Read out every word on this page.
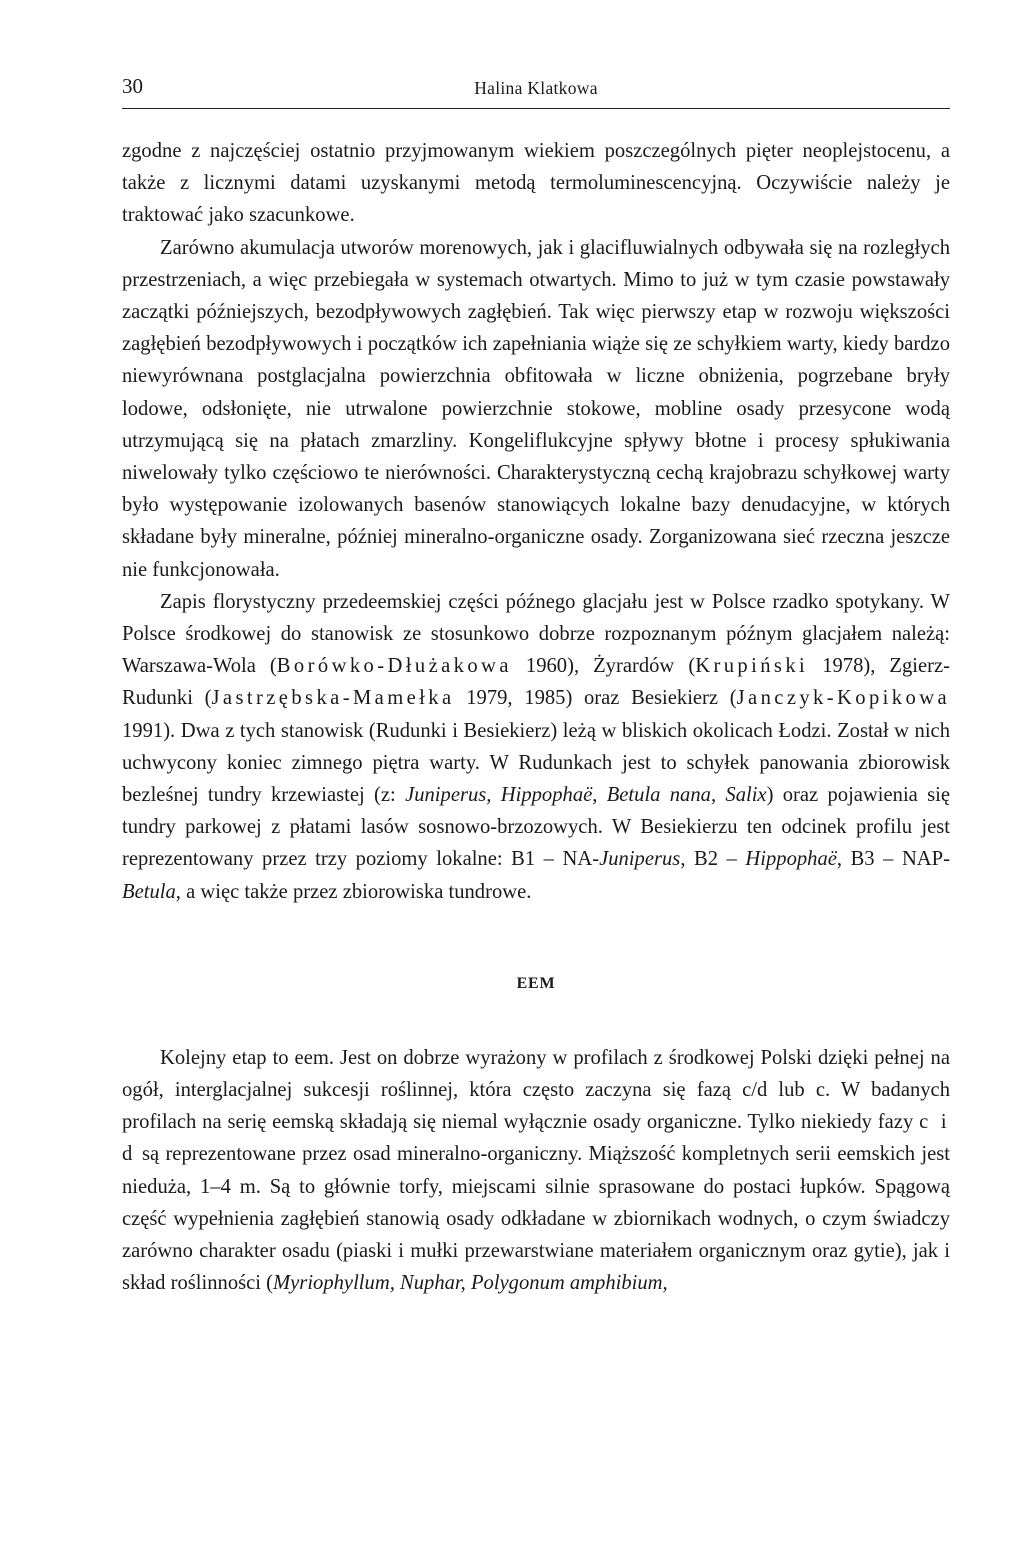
30	Halina Klatkowa

zgodne z najczęściej ostatnio przyjmowanym wiekiem poszczególnych pięter neoplejstocenu, a także z licznymi datami uzyskanymi metodą termoluminescencyjną. Oczywiście należy je traktować jako szacunkowe.

Zarówno akumulacja utworów morenowych, jak i glacifluwialnych odbywała się na rozległych przestrzeniach, a więc przebiegała w systemach otwartych. Mimo to już w tym czasie powstawały zaczątki późniejszych, bezodpływowych zagłębień. Tak więc pierwszy etap w rozwoju większości zagłębień bezodpływowych i początków ich zapełniania wiąże się ze schyłkiem warty, kiedy bardzo niewyrównana postglacjalna powierzchnia obfitowała w liczne obniżenia, pogrzebane bryły lodowe, odsłonięte, nie utrwalone powierzchnie stokowe, mobline osady przesycone wodą utrzymującą się na płatach zmarzliny. Kongeliflukcyjne spływy błotne i procesy spłukiwania niwelowały tylko częściowo te nierówności. Charakterystyczną cechą krajobrazu schyłkowej warty było występowanie izolowanych basenów stanowiących lokalne bazy denudacyjne, w których składane były mineralne, później mineralno-organiczne osady. Zorganizowana sieć rzeczna jeszcze nie funkcjonowała.

Zapis florystyczny przedeemskiej części późnego glacjału jest w Polsce rzadko spotykany. W Polsce środkowej do stanowisk ze stosunkowo dobrze rozpoznanym późnym glacjałem należą: Warszawa-Wola (Borówko-Dłużakowa 1960), Żyrardów (Krupiński 1978), Zgierz-Rudunki (Jastrzębska-Mamełka 1979, 1985) oraz Besiekierz (Janczyk-Kopikowa 1991). Dwa z tych stanowisk (Rudunki i Besiekierz) leżą w bliskich okolicach Łodzi. Został w nich uchwycony koniec zimnego piętra warty. W Rudunkach jest to schyłek panowania zbiorowisk bezleśnej tundry krzewiastej (z: Juniperus, Hippophaë, Betula nana, Salix) oraz pojawienia się tundry parkowej z płatami lasów sosnowo-brzozowych. W Besiekierzu ten odcinek profilu jest reprezentowany przez trzy poziomy lokalne: B1 – NA-Juniperus, B2 – Hippophaë, B3 – NAP-Betula, a więc także przez zbiorowiska tundrowe.

EEM

Kolejny etap to eem. Jest on dobrze wyrażony w profilach z środkowej Polski dzięki pełnej na ogół, interglacjalnej sukcesji roślinnej, która często zaczyna się fazą c/d lub c. W badanych profilach na serię eemską składają się niemal wyłącznie osady organiczne. Tylko niekiedy fazy c i d są reprezentowane przez osad mineralno-organiczny. Miąższość kompletnych serii eemskich jest nieduża, 1–4 m. Są to głównie torfy, miejscami silnie sprasowane do postaci łupków. Spągową część wypełnienia zagłębień stanowią osady odkładane w zbiornikach wodnych, o czym świadczy zarówno charakter osadu (piaski i mułki przewarstwiane materiałem organicznym oraz gytie), jak i skład roślinności (Myriophyllum, Nuphar, Polygonum amphibium,
